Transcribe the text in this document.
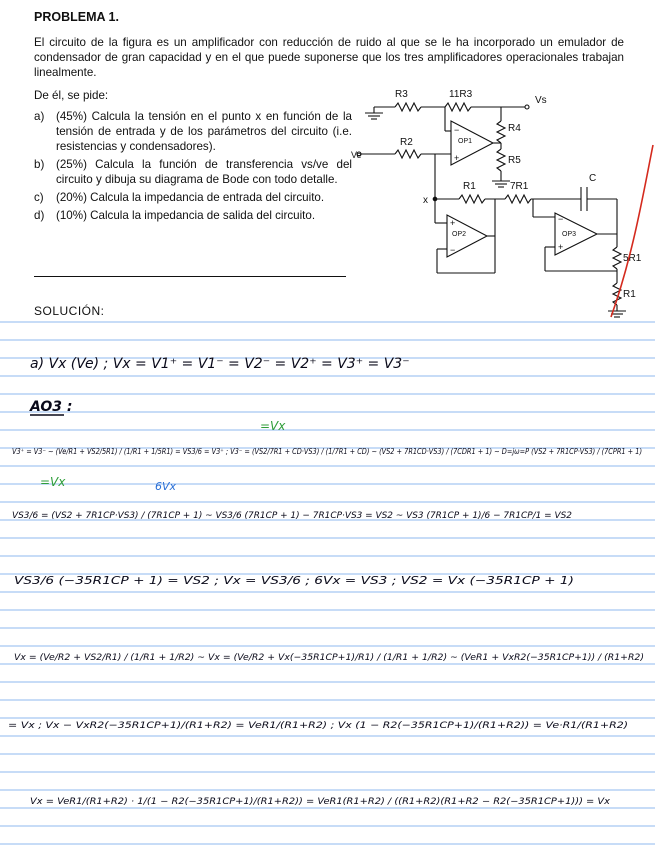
PROBLEMA 1.

El circuito de la figura es un amplificador con reducción de ruido al que se le ha incorporado un emulador de condensador de gran capacidad y en el que puede suponerse que los tres amplificadores operacionales trabajan linealmente.

De él, se pide:

a) (45%) Calcula la tensión en el punto x en función de la tensión de entrada y de los parámetros del circuito (i.e. resistencias y condensadores).
b) (25%) Calcula la función de transferencia vs/ve del circuito y dibuja su diagrama de Bode con todo detalle.
c) (20%) Calcula la impedancia de entrada del circuito.
d) (10%) Calcula la impedancia de salida del circuito.
SOLUCIÓN:
R3	11R3
Vs
OP1
−
+
R4
R5
Ve
R2
x
R1	7R1
C
OP2
+
−
OP3
−
+
5R1
R1
a) Vx (Ve) ; Vx = V1⁺ = V1⁻ = V2⁻ = V2⁺ = V3⁺ = V3⁻
AO3 :
=Vx
V3⁺ = V3⁻ ~ (Ve/R1 + VS2/5R1) / (1/R1 + 1/5R1) = VS3/6 = V3⁺ ; V3⁻ = (VS2/7R1 + CD·VS3) / (1/7R1 + CD) ~ (VS2 + 7R1CD·VS3) / (7CDR1 + 1) ~ D=jω=P (VS2 + 7R1CP·VS3) / (7CPR1 + 1)
=Vx	6Vx
VS3/6 = (VS2 + 7R1CP·VS3) / (7R1CP + 1) ~ VS3/6 (7R1CP + 1) − 7R1CP·VS3 = VS2 ~ VS3 (7R1CP + 1)/6 − 7R1CP/1 = VS2
VS3/6 (−35R1CP + 1) = VS2 ; Vx = VS3/6 ; 6Vx = VS3 ; VS2 = Vx (−35R1CP + 1)
Vx = (Ve/R2 + VS2/R1) / (1/R1 + 1/R2) ~ Vx = (Ve/R2 + Vx(−35R1CP+1)/R1) / (1/R1 + 1/R2) ~ (VeR1 + VxR2(−35R1CP+1)) / (R1+R2)
= Vx ; Vx − VxR2(−35R1CP+1)/(R1+R2) = VeR1/(R1+R2) ; Vx (1 − R2(−35R1CP+1)/(R1+R2)) = Ve·R1/(R1+R2)
Vx = VeR1/(R1+R2) · 1/(1 − R2(−35R1CP+1)/(R1+R2)) = VeR1(R1+R2) / ((R1+R2)(R1+R2 − R2(−35R1CP+1))) = Vx
